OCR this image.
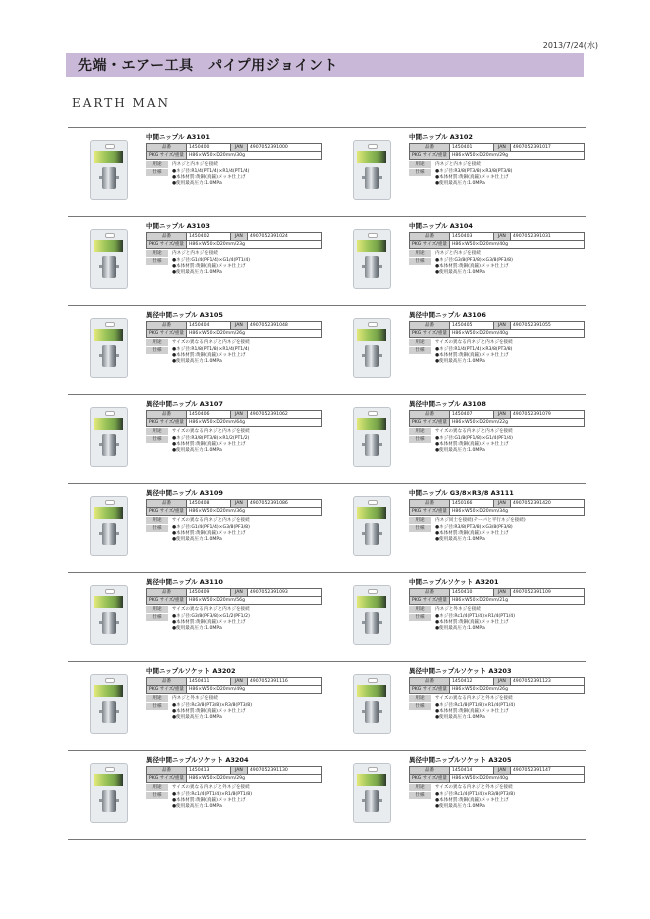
2013/7/24(水)
先端・エアー工具　パイプ用ジョイント
EARTH MAN
中間ニップル A3101
品番	1450400	JAN	4907052391000
PKG サイズ/重量	H86×W50×D20mm/30g		
用途	内ネジと内ネジを接続
仕様	●ネジ径:R1/4(PT1/4)×R1/4(PT1/4)
●本体材質:黄銅(真鍮)メッキ仕上げ
●使用最高圧力:1.0MPa
中間ニップル A3102
品番	1450401	JAN	4907052391017
PKG サイズ/重量	H86×W50×D20mm/29g		
用途	内ネジと内ネジを接続
仕様	●ネジ径:R3/8(PT3/8)×R3/8(PT3/8)
●本体材質:黄銅(真鍮)メッキ仕上げ
●使用最高圧力:1.0MPa
中間ニップル A3103
品番	1450402	JAN	4907052391024
PKG サイズ/重量	H86×W50×D20mm/23g		
用途	内ネジと内ネジを接続
仕様	●ネジ径:G1/4(PF1/4)×G1/4(PT1/4)
●本体材質:黄銅(真鍮)メッキ仕上げ
●使用最高圧力:1.0MPa
中間ニップル A3104
品番	1450403	JAN	4907052391031
PKG サイズ/重量	H86×W50×D20mm/40g		
用途	内ネジと内ネジを接続
仕様	●ネジ径:G3/8(PF3/8)×G3/8(PF3/8)
●本体材質:黄銅(真鍮)メッキ仕上げ
●使用最高圧力:1.0MPa
異径中間ニップル A3105
品番	1450404	JAN	4907052391048
PKG サイズ/重量	H86×W50×D20mm/26g		
用途	サイズの異なる内ネジと内ネジを接続
仕様	●ネジ径:R1/8(PT1/8)×R1/4(PT1/4)
●本体材質:黄銅(真鍮)メッキ仕上げ
●使用最高圧力:1.0MPa
異径中間ニップル A3106
品番	1450405	JAN	4907052391055
PKG サイズ/重量	H86×W50×D20mm/40g		
用途	サイズの異なる内ネジと内ネジを接続
仕様	●ネジ径:R1/4(PT1/4)×R3/8(PT3/8)
●本体材質:黄銅(真鍮)メッキ仕上げ
●使用最高圧力:1.0MPa
異径中間ニップル A3107
品番	1450406	JAN	4907052391062
PKG サイズ/重量	H86×W50×D20mm/64g		
用途	サイズの異なる内ネジと内ネジを接続
仕様	●ネジ径:R3/8(PT3/8)×R1/2(PT1/2)
●本体材質:黄銅(真鍮)メッキ仕上げ
●使用最高圧力:1.0MPa
異径中間ニップル A3108
品番	1450407	JAN	4907052391079
PKG サイズ/重量	H86×W50×D20mm/22g		
用途	サイズの異なる内ネジと内ネジを接続
仕様	●ネジ径:G1/8(PF1/8)×G1/4(PF1/4)
●本体材質:黄銅(真鍮)メッキ仕上げ
●使用最高圧力:1.0MPa
異径中間ニップル A3109
品番	1450408	JAN	4907052391086
PKG サイズ/重量	H86×W50×D20mm/36g		
用途	サイズの異なる内ネジと内ネジを接続
仕様	●ネジ径:G1/4(PF1/4)×G3/8(PF3/8)
●本体材質:黄銅(真鍮)メッキ仕上げ
●使用最高圧力:1.0MPa
中間ニップル G3/8×R3/8 A3111
品番	1450166	JAN	4907052391420
PKG サイズ/重量	H86×W50×D20mm/34g		
用途	内ネジ同士を接続(テーパと平行ネジを接続)
仕様	●ネジ径:R3/8(PT3/8)×G3/8(PF3/8)
●本体材質:黄銅(真鍮)メッキ仕上げ
●使用最高圧力:1.0MPa
異径中間ニップル A3110
品番	1450409	JAN	4907052391093
PKG サイズ/重量	H86×W50×D20mm/56g		
用途	サイズの異なる内ネジと内ネジを接続
仕様	●ネジ径:G3/8(PF3/8)×G1/2(PF1/2)
●本体材質:黄銅(真鍮)メッキ仕上げ
●使用最高圧力:1.0MPa
中間ニップルソケット A3201
品番	1450410	JAN	4907052391109
PKG サイズ/重量	H86×W50×D20mm/21g		
用途	内ネジと外ネジを接続
仕様	●ネジ径:Rc1/4(PT1/4)×R1/4(PT1/4)
●本体材質:黄銅(真鍮)メッキ仕上げ
●使用最高圧力:1.0MPa
中間ニップルソケット A3202
品番	1450411	JAN	4907052391116
PKG サイズ/重量	H86×W50×D20mm/49g		
用途	内ネジと外ネジを接続
仕様	●ネジ径:Rc3/8(PT3/8)×R3/8(PT3/8)
●本体材質:黄銅(真鍮)メッキ仕上げ
●使用最高圧力:1.0MPa
異径中間ニップルソケット A3203
品番	1450412	JAN	4907052391123
PKG サイズ/重量	H86×W50×D20mm/26g		
用途	サイズの異なる内ネジと外ネジを接続
仕様	●ネジ径:Rc1/8(PT1/8)×R1/4(PT1/4)
●本体材質:黄銅(真鍮)メッキ仕上げ
●使用最高圧力:1.0MPa
異径中間ニップルソケット A3204
品番	1450413	JAN	4907052391130
PKG サイズ/重量	H86×W50×D20mm/29g		
用途	サイズの異なる内ネジと外ネジを接続
仕様	●ネジ径:Rc1/4(PT1/4)×R1/8(PT1/8)
●本体材質:黄銅(真鍮)メッキ仕上げ
●使用最高圧力:1.0MPa
異径中間ニップルソケット A3205
品番	1450414	JAN	4907052391147
PKG サイズ/重量	H86×W50×D20mm/40g		
用途	サイズの異なる内ネジと外ネジを接続
仕様	●ネジ径:Rc1/4(PT1/4)×R3/8(PT3/8)
●本体材質:黄銅(真鍮)メッキ仕上げ
●使用最高圧力:1.0MPa
